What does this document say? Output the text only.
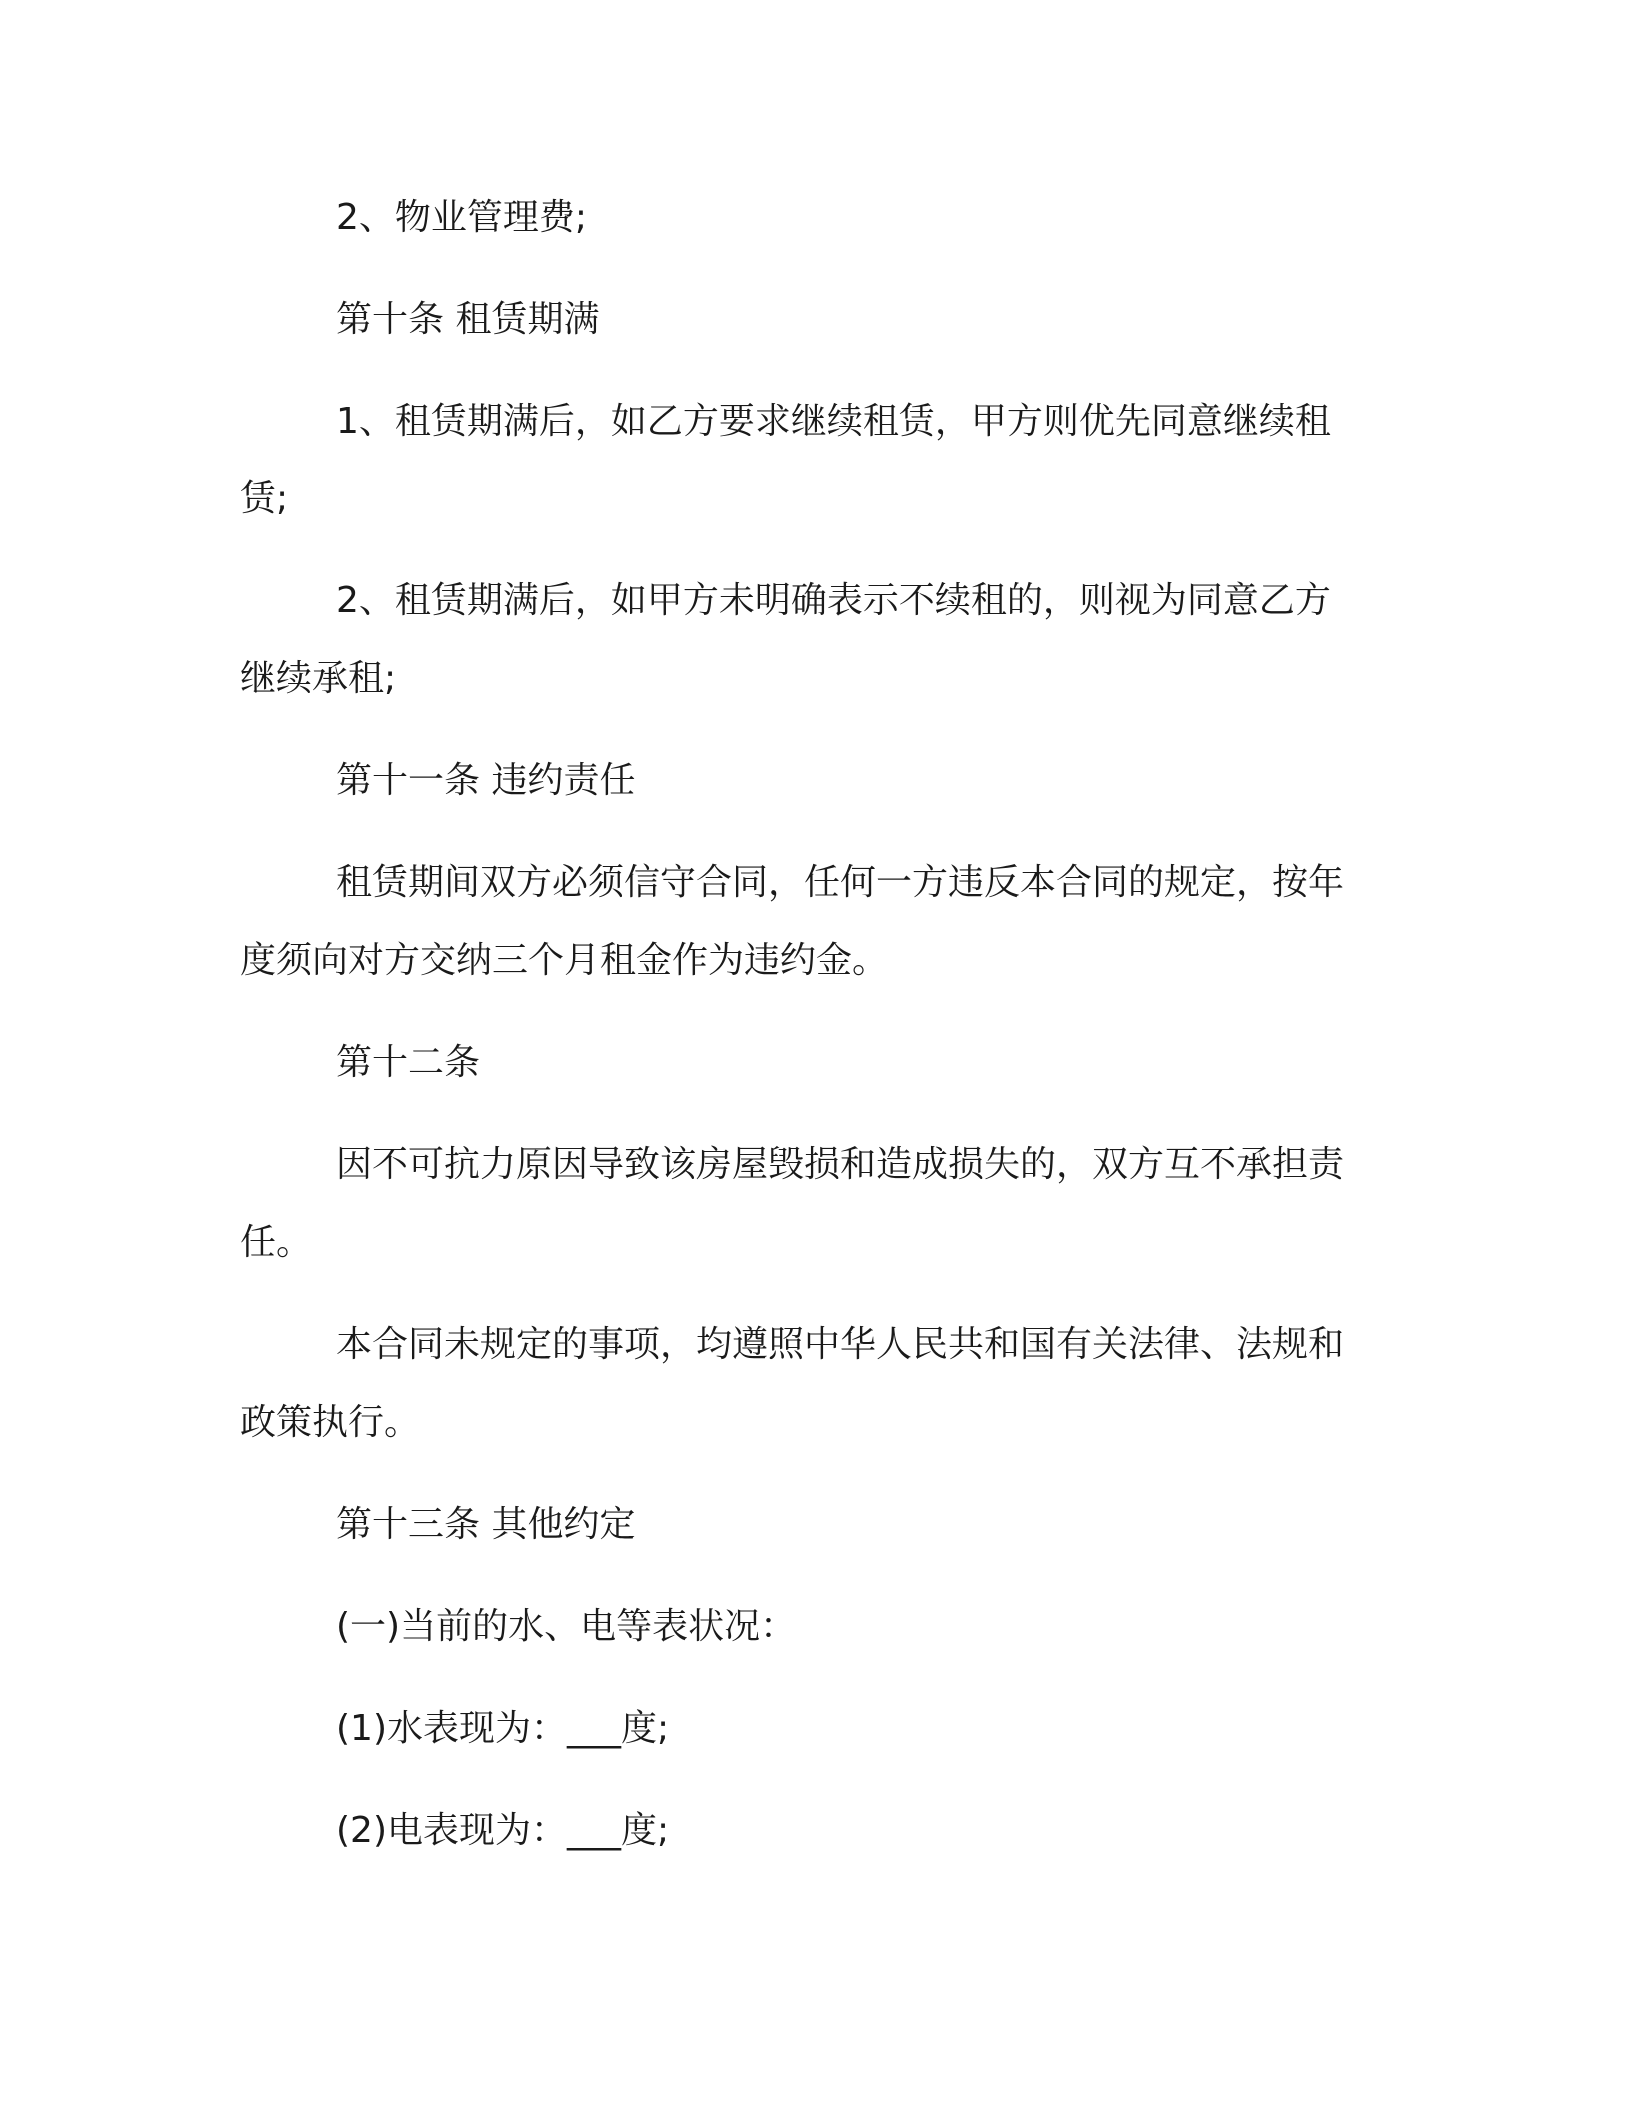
2、物业管理费;
第十条 租赁期满
1、租赁期满后，如乙方要求继续租赁，甲方则优先同意继续租
赁;
2、租赁期满后，如甲方未明确表示不续租的，则视为同意乙方
继续承租;
第十一条 违约责任
租赁期间双方必须信守合同，任何一方违反本合同的规定，按年
度须向对方交纳三个月租金作为违约金。
第十二条
因不可抗力原因导致该房屋毁损和造成损失的，双方互不承担责
任。
本合同未规定的事项，均遵照中华人民共和国有关法律、法规和
政策执行。
第十三条 其他约定
(一)当前的水、电等表状况：
(1)水表现为：___度;
(2)电表现为：___度;
